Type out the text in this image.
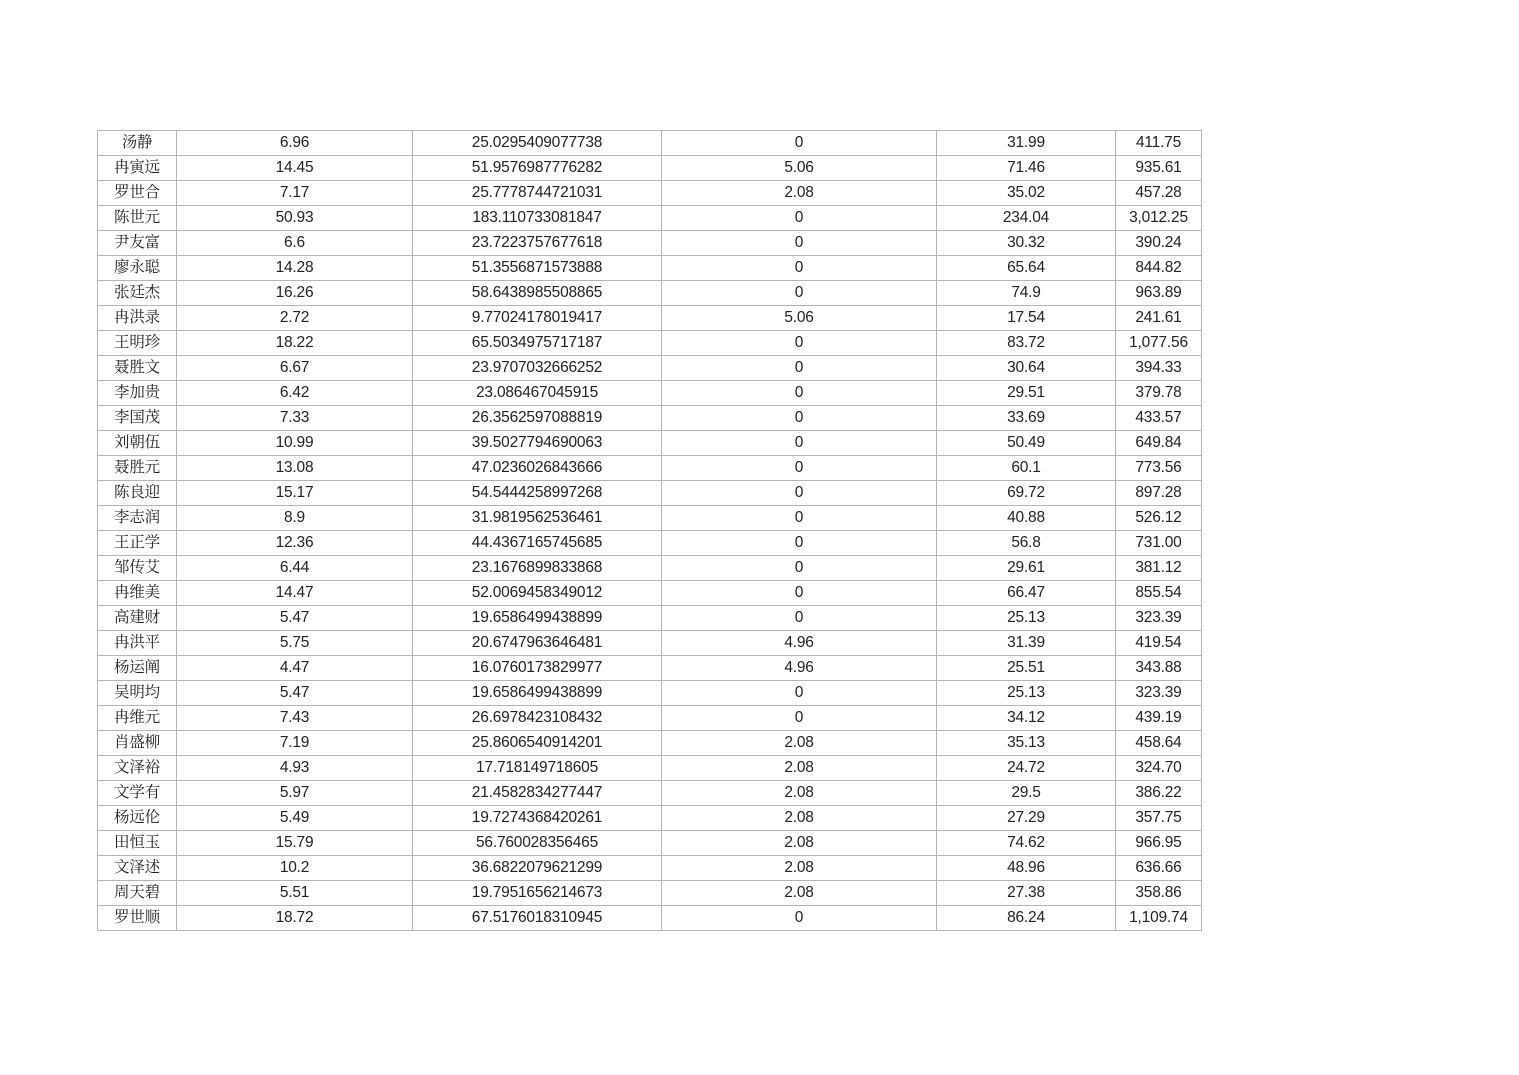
汤静	6.96	25.0295409077738	0	31.99	411.75
冉寅远	14.45	51.9576987776282	5.06	71.46	935.61
罗世合	7.17	25.7778744721031	2.08	35.02	457.28
陈世元	50.93	183.110733081847	0	234.04	3,012.25
尹友富	6.6	23.7223757677618	0	30.32	390.24
廖永聪	14.28	51.3556871573888	0	65.64	844.82
张廷杰	16.26	58.6438985508865	0	74.9	963.89
冉洪录	2.72	9.77024178019417	5.06	17.54	241.61
王明珍	18.22	65.5034975717187	0	83.72	1,077.56
聂胜文	6.67	23.9707032666252	0	30.64	394.33
李加贵	6.42	23.086467045915	0	29.51	379.78
李国茂	7.33	26.3562597088819	0	33.69	433.57
刘朝伍	10.99	39.5027794690063	0	50.49	649.84
聂胜元	13.08	47.0236026843666	0	60.1	773.56
陈良迎	15.17	54.5444258997268	0	69.72	897.28
李志润	8.9	31.9819562536461	0	40.88	526.12
王正学	12.36	44.4367165745685	0	56.8	731.00
邹传艾	6.44	23.1676899833868	0	29.61	381.12
冉维美	14.47	52.0069458349012	0	66.47	855.54
高建财	5.47	19.6586499438899	0	25.13	323.39
冉洪平	5.75	20.6747963646481	4.96	31.39	419.54
杨运阐	4.47	16.0760173829977	4.96	25.51	343.88
吴明均	5.47	19.6586499438899	0	25.13	323.39
冉维元	7.43	26.6978423108432	0	34.12	439.19
肖盛柳	7.19	25.8606540914201	2.08	35.13	458.64
文泽裕	4.93	17.718149718605	2.08	24.72	324.70
文学有	5.97	21.4582834277447	2.08	29.5	386.22
杨远伦	5.49	19.7274368420261	2.08	27.29	357.75
田恒玉	15.79	56.760028356465	2.08	74.62	966.95
文泽述	10.2	36.6822079621299	2.08	48.96	636.66
周天碧	5.51	19.7951656214673	2.08	27.38	358.86
罗世顺	18.72	67.5176018310945	0	86.24	1,109.74
